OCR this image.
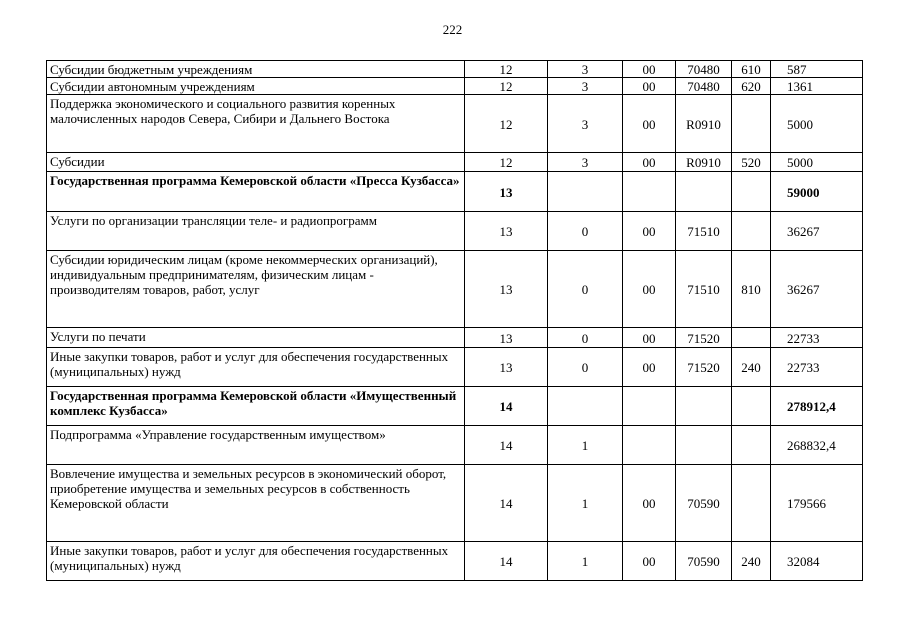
222
Субсидии бюджетным учреждениям	12	3	00	70480	610	587
Субсидии автономным учреждениям	12	3	00	70480	620	1361
Поддержка экономического и социального развития коренных малочисленных народов Севера, Сибири и Дальнего Востока	12	3	00	R0910		5000
Субсидии	12	3	00	R0910	520	5000
Государственная программа Кемеровской области «Пресса Кузбасса»	13					59000
Услуги по организации трансляции теле- и радиопрограмм	13	0	00	71510		36267
Субсидии юридическим лицам (кроме некоммерческих организаций), индивидуальным предпринимателям, физическим лицам - производителям товаров, работ, услуг	13	0	00	71510	810	36267
Услуги по печати	13	0	00	71520		22733
Иные закупки товаров, работ и услуг для обеспечения государственных (муниципальных) нужд	13	0	00	71520	240	22733
Государственная программа Кемеровской области «Имущественный комплекс Кузбасса»	14					278912,4
Подпрограмма «Управление государственным имуществом»	14	1				268832,4
Вовлечение имущества и земельных ресурсов в экономический оборот, приобретение имущества и земельных ресурсов в собственность Кемеровской области	14	1	00	70590		179566
Иные закупки товаров, работ и услуг для обеспечения государственных (муниципальных) нужд	14	1	00	70590	240	32084
